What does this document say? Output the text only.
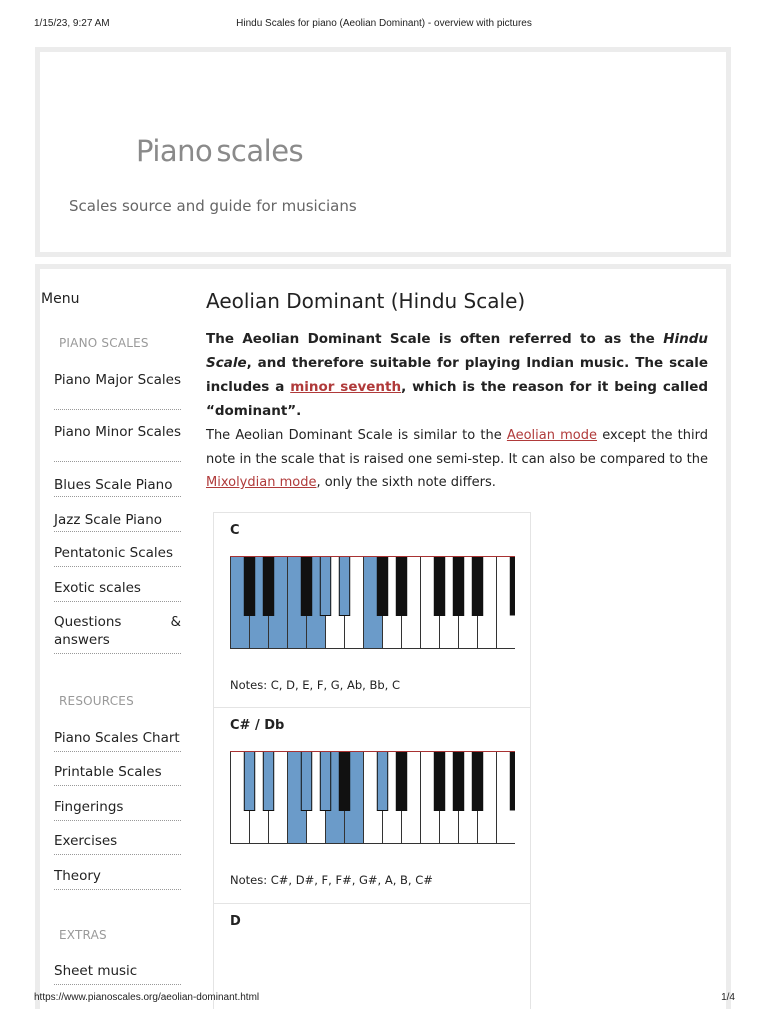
1/15/23, 9:27 AM	Hindu Scales for piano (Aeolian Dominant) - overview with pictures
Piano scales
Scales source and guide for musicians
Menu
PIANO SCALES
Piano Major Scales
Piano Minor Scales
Blues Scale Piano
Jazz Scale Piano
Pentatonic Scales
Exotic scales
Questions & answers
RESOURCES
Piano Scales Chart
Printable Scales
Fingerings
Exercises
Theory
EXTRAS
Sheet music
Aeolian Dominant (Hindu Scale)
The Aeolian Dominant Scale is often referred to as the Hindu Scale, and therefore suitable for playing Indian music. The scale includes a minor seventh, which is the reason for it being called “dominant”.
The Aeolian Dominant Scale is similar to the Aeolian mode except the third note in the scale that is raised one semi-step. It can also be compared to the Mixolydian mode, only the sixth note differs.
C
Notes: C, D, E, F, G, Ab, Bb, C
C# / Db
Notes: C#, D#, F, F#, G#, A, B, C#
D
https://www.pianoscales.org/aeolian-dominant.html	1/4
